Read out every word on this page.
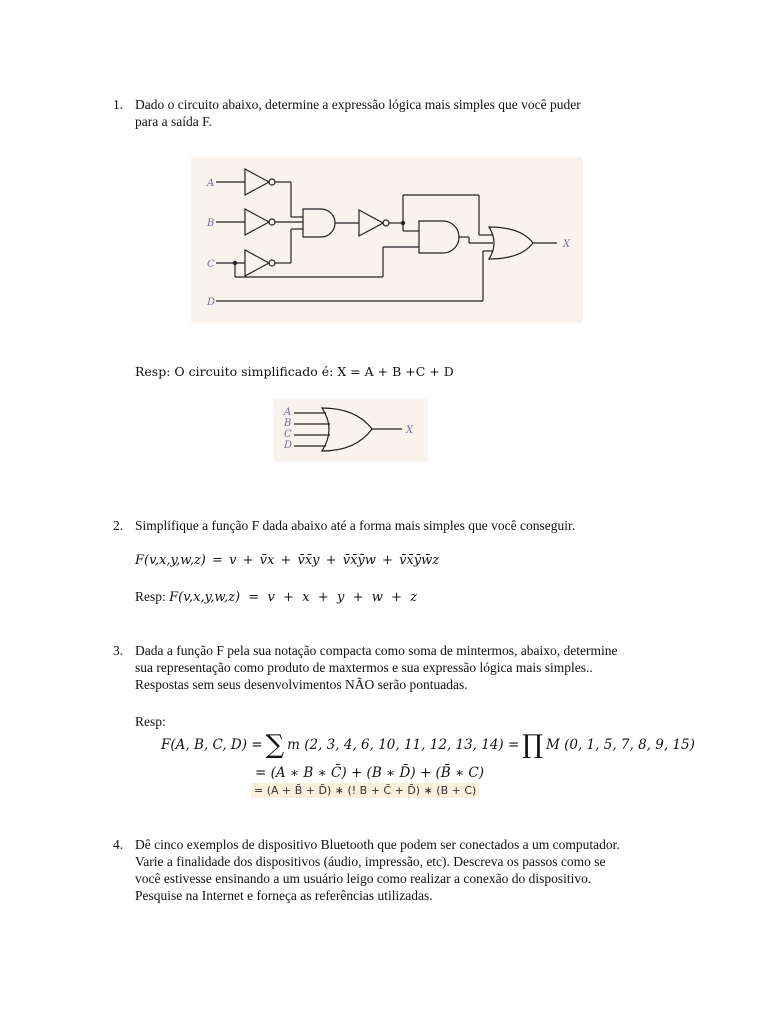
1. Dado o circuito abaixo, determine a expressão lógica mais simples que você puder
para a saída F.
A
B
C
D
X
Resp: O circuito simplificado é: X = A + B +C + D
A
B
C
D
X
2. Simplifique a função F dada abaixo até a forma mais simples que você conseguir.
F(v,x,y,w,z) = v + v̄x + v̄x̄y + v̄x̄ȳw + v̄x̄ȳw̄z
Resp: F(v,x,y,w,z)  =  v  +  x  +  y  +  w  +  z
3. Dada a função F pela sua notação compacta como soma de mintermos, abaixo, determine
sua representação como produto de maxtermos e sua expressão lógica mais simples..
Respostas sem seus desenvolvimentos NÃO serão pontuadas.
Resp:
F(A, B, C, D) = ∑ m (2, 3, 4, 6, 10, 11, 12, 13, 14) = ∏ M (0, 1, 5, 7, 8, 9, 15)
= (A ∗ B ∗ C̄) + (B ∗ D̄) + (B̄ ∗ C)
= (A + B̄ + D̄) ∗ (! B + C̄ + D̄) ∗ (B + C)
4. Dê cinco exemplos de dispositivo Bluetooth que podem ser conectados a um computador.
Varie a finalidade dos dispositivos (áudio, impressão, etc). Descreva os passos como se
você estivesse ensinando a um usuário leigo como realizar a conexão do dispositivo.
Pesquise na Internet e forneça as referências utilizadas.
